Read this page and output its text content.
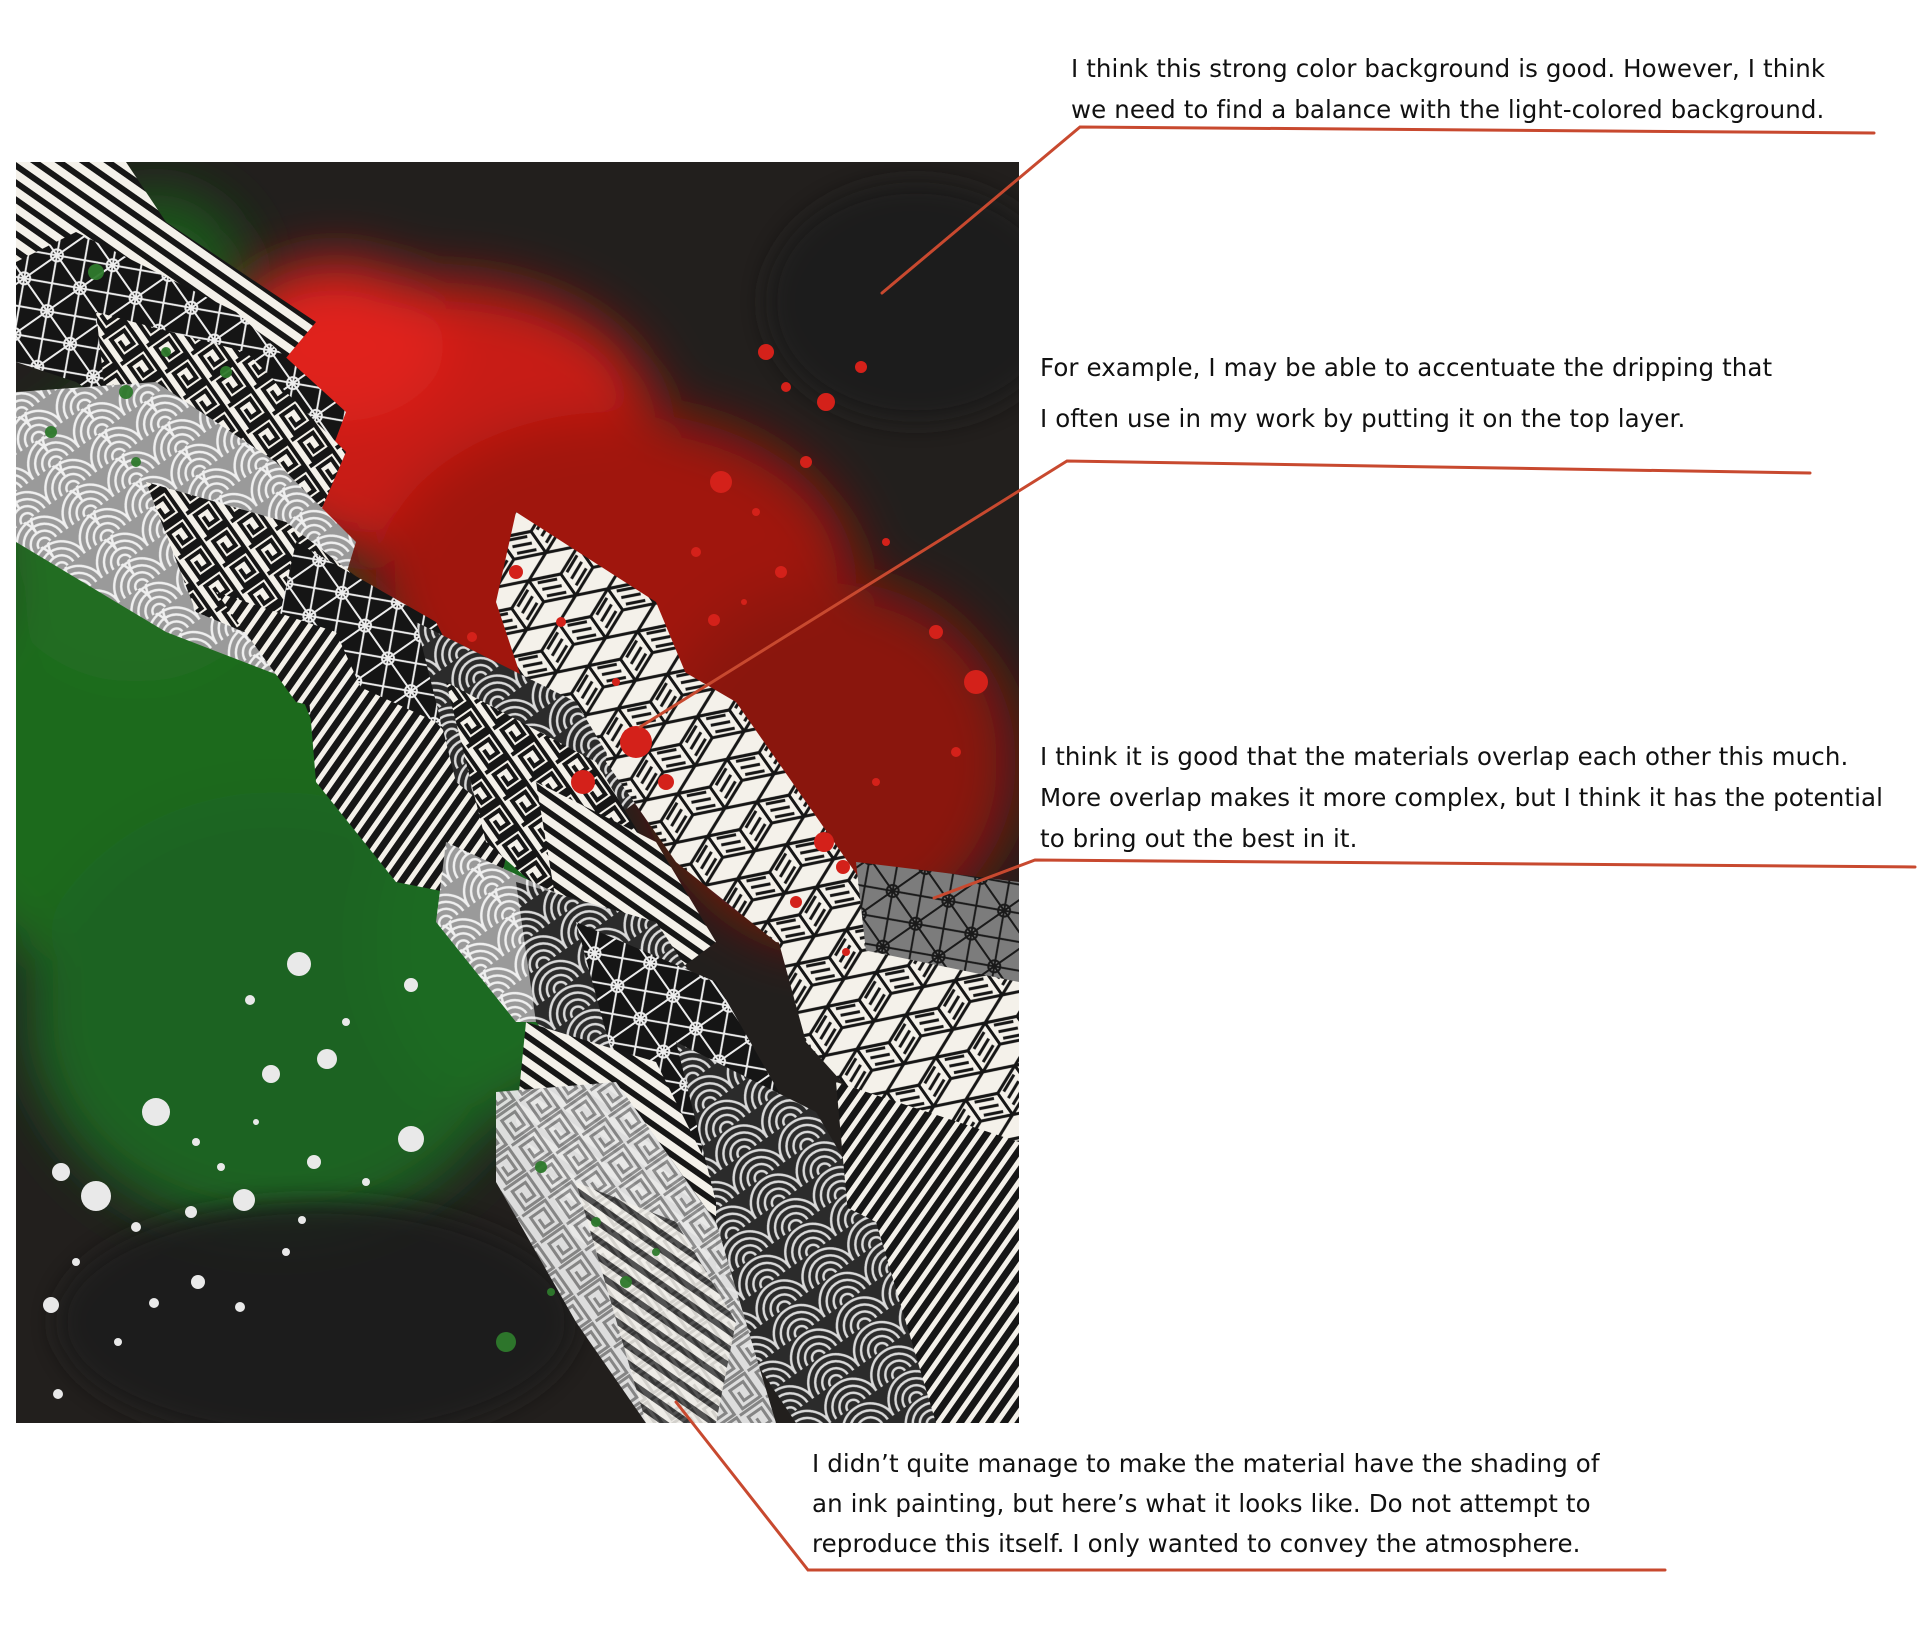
I think this strong color background is good. However, I think
we need to find a balance with the light-colored background.
For example, I may be able to accentuate the dripping that
I often use in my work by putting it on the top layer.
I think it is good that the materials overlap each other this much.
More overlap makes it more complex, but I think it has the potential
to bring out the best in it.
I didn’t quite manage to make the material have the shading of
an ink painting, but here’s what it looks like. Do not attempt to
reproduce this itself. I only wanted to convey the atmosphere.
